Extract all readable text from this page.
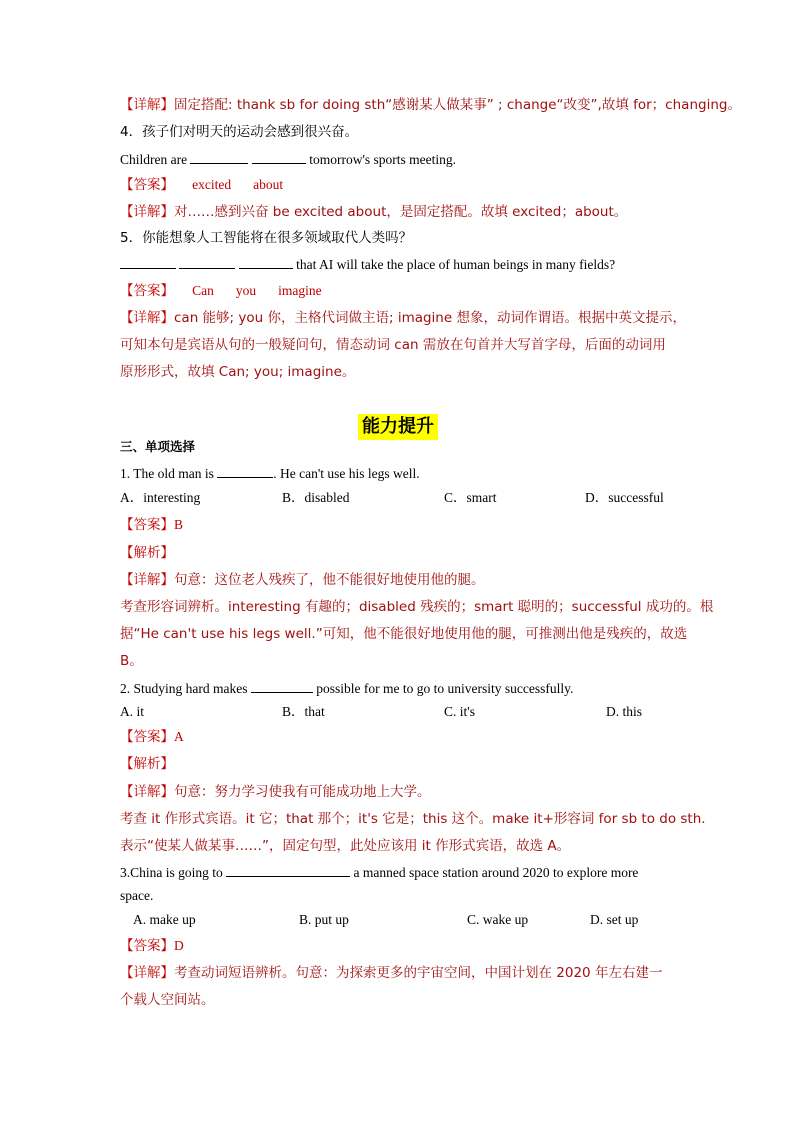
【详解】固定搭配: thank sb for doing sth“感谢某人做某事” ; change“改变”,故填 for；changing。
4．孩子们对明天的运动会感到很兴奋。
Children are	tomorrow's sports meeting.
【答案】 excited about
【详解】对……感到兴奋 be excited about，是固定搭配。故填 excited；about。
5．你能想象人工智能将在很多领域取代人类吗？
that AI will take the place of human beings in many fields?
【答案】 Can you imagine
【详解】can 能够; you 你，主格代词做主语; imagine 想象，动词作谓语。根据中英文提示，
可知本句是宾语从句的一般疑问句，情态动词 can 需放在句首并大写首字母，后面的动词用
原形形式，故填 Can; you; imagine。
能力提升
三、单项选择
1. The old man is	. He can't use his legs well.
A．interesting	B．disabled	C．smart	D．successful
【答案】B
【解析】
【详解】句意：这位老人残疾了，他不能很好地使用他的腿。
考查形容词辨析。interesting 有趣的；disabled 残疾的；smart 聪明的；successful 成功的。根
据“He can't use his legs well.”可知，他不能很好地使用他的腿，可推测出他是残疾的，故选
B。
2. Studying hard makes	possible for me to go to university successfully.
A. it	B．that	C. it's	D. this
【答案】A
【解析】
【详解】句意：努力学习使我有可能成功地上大学。
考查 it 作形式宾语。it 它；that 那个；it's 它是；this 这个。make it+形容词 for sb to do sth.
表示“使某人做某事……”，固定句型，此处应该用 it 作形式宾语，故选 A。
3.China is going to	a manned space station around 2020 to explore more
space.
A. make up	B. put up	C. wake up	D. set up
【答案】D
【详解】考查动词短语辨析。句意：为探索更多的宇宙空间，中国计划在 2020 年左右建一
个载人空间站。
